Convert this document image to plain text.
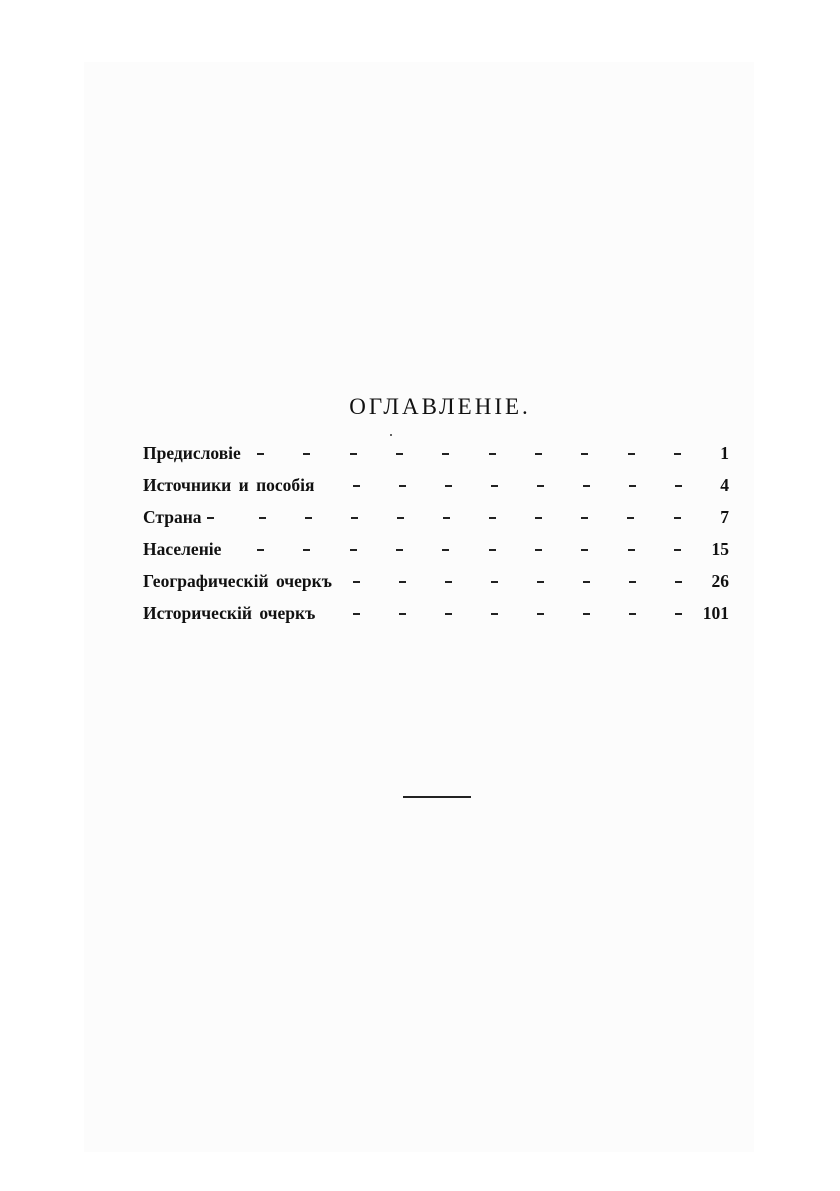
ОГЛАВЛЕНІЕ.
Предисловіе	1
Источники и пособія	4
Страна	7
Населеніе	15
Географическій очеркъ	26
Историческій очеркъ	101
